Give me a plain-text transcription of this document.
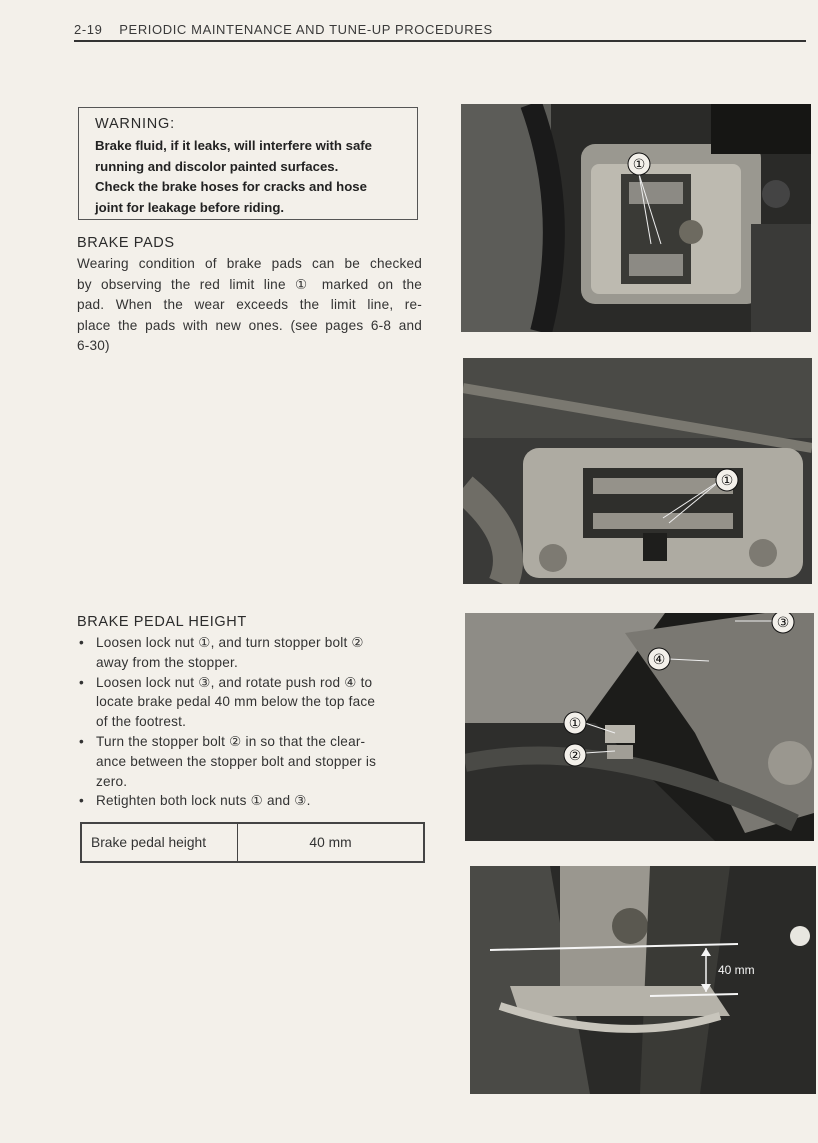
2-19 PERIODIC MAINTENANCE AND TUNE-UP PROCEDURES
WARNING:
Brake fluid, if it leaks, will interfere with safe
running and discolor painted surfaces.
Check the brake hoses for cracks and hose
joint for leakage before riding.
BRAKE PADS

Wearing condition of brake pads can be checked

by observing the red limit line ① marked on the

pad. When the wear exceeds the limit line, re-

place the pads with new ones. (see pages 6-8 and

6-30)

BRAKE PEDAL HEIGHT
• Loosen lock nut ①, and turn stopper bolt ②
away from the stopper.
• Loosen lock nut ③, and rotate push rod ④ to
locate brake pedal 40 mm below the top face
of the footrest.
• Turn the stopper bolt ② in so that the clear-
ance between the stopper bolt and stopper is
zero.
• Retighten both lock nuts ① and ③.
Brake pedal height	40 mm
①
①
①
②
③
④
40 mm
